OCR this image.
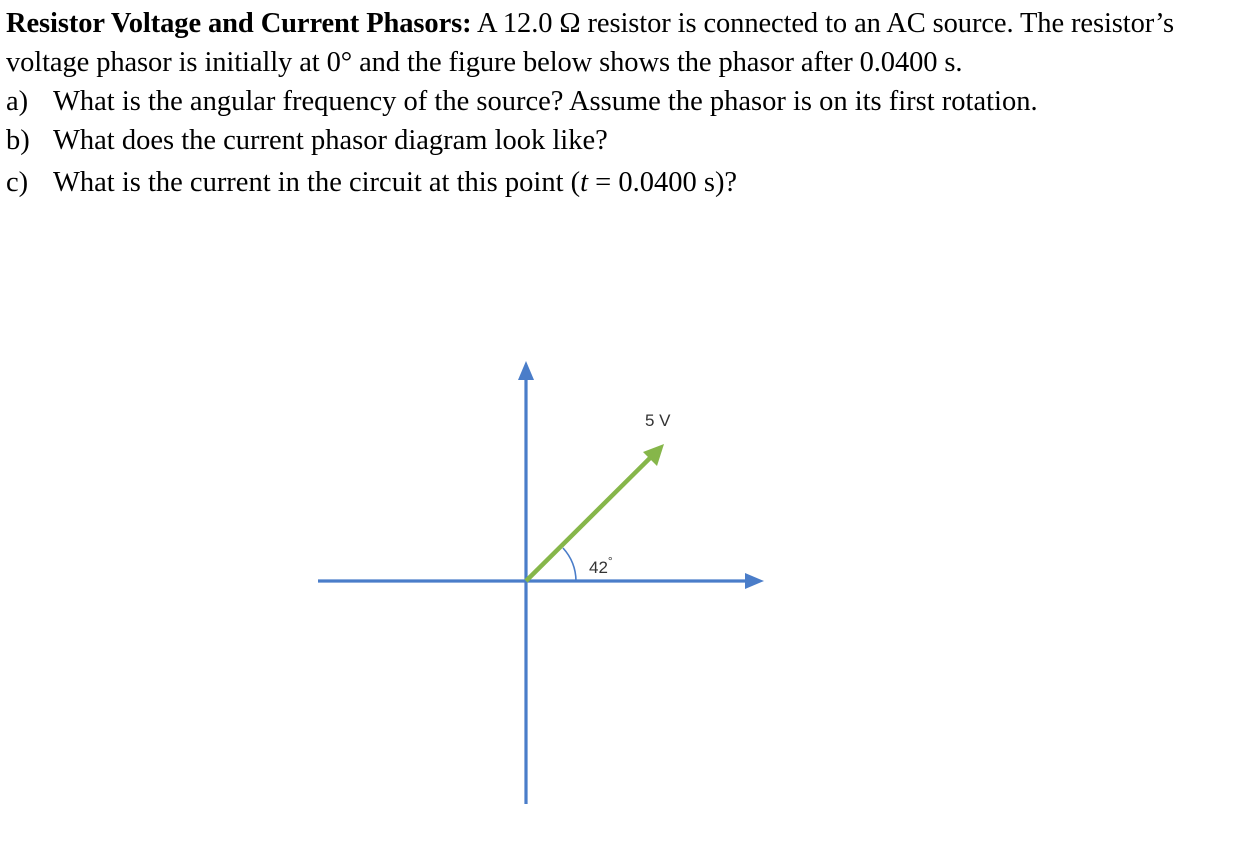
Resistor Voltage and Current Phasors: A 12.0 Ω resistor is connected to an AC source. The resistor’s voltage phasor is initially at 0° and the figure below shows the phasor after 0.0400 s.

a) What is the angular frequency of the source? Assume the phasor is on its first rotation.
b) What does the current phasor diagram look like?
c) What is the current in the circuit at this point (t = 0.0400 s)?
5 V
42°
